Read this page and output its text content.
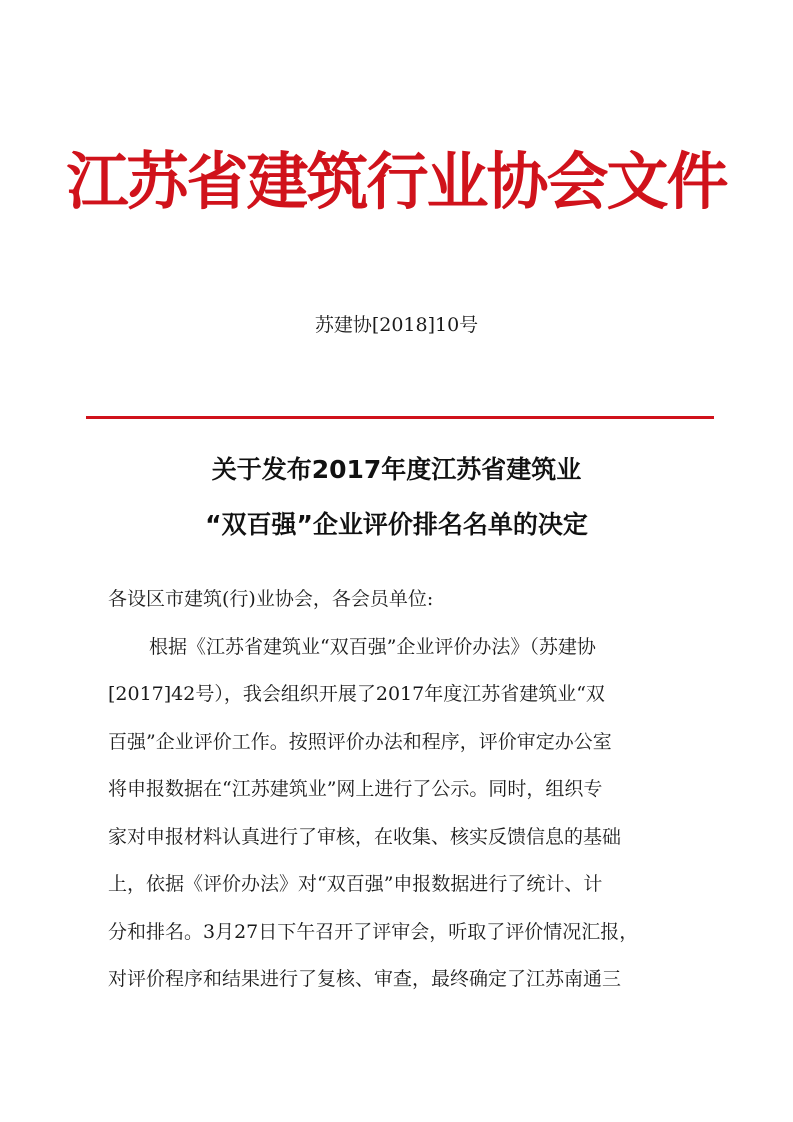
江苏省建筑行业协会文件
苏建协[2018]10号
关于发布2017年度江苏省建筑业
“双百强”企业评价排名名单的决定
各设区市建筑(行)业协会，各会员单位:
根据《江苏省建筑业“双百强”企业评价办法》（苏建协
[2017]42号），我会组织开展了2017年度江苏省建筑业“双
百强”企业评价工作。按照评价办法和程序，评价审定办公室
将申报数据在“江苏建筑业”网上进行了公示。同时，组织专
家对申报材料认真进行了审核，在收集、核实反馈信息的基础
上，依据《评价办法》对“双百强”申报数据进行了统计、计
分和排名。3月27日下午召开了评审会，听取了评价情况汇报，
对评价程序和结果进行了复核、审查，最终确定了江苏南通三
